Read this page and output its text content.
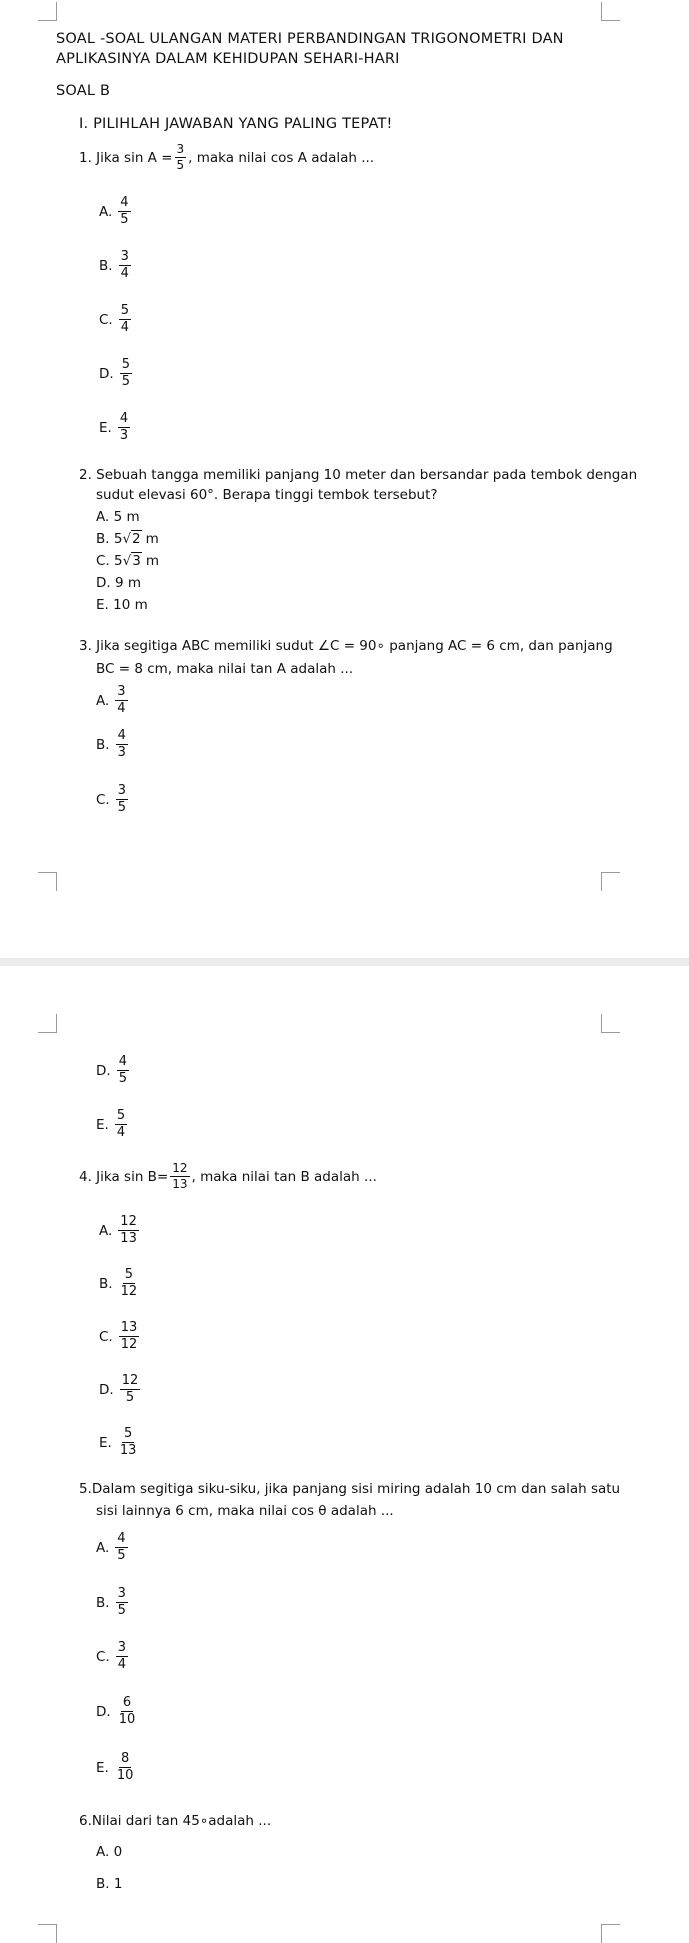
SOAL -SOAL ULANGAN MATERI PERBANDINGAN TRIGONOMETRI DAN
APLIKASINYA DALAM KEHIDUPAN SEHARI-HARI
SOAL B
I. PILIHLAH JAWABAN YANG PALING TEPAT!
1. Jika $\sin A = \frac{3}{5}$ , maka nilai cos A adalah ...
A. $\frac{4}{5}$
B. $\frac{3}{4}$
C. $\frac{5}{4}$
D. $\frac{5}{5}$
E. $\frac{4}{3}$
2. Sebuah tangga memiliki panjang 10 meter dan bersandar pada tembok dengan
sudut elevasi 60°. Berapa tinggi tembok tersebut?
A. 5 m
B. 5 √ 2 m
C. 5 √ 3 m
D. 9 m
E. 10 m
3. Jika segitiga ABC memiliki sudut ∠C = 90∘ panjang AC = 6 cm, dan panjang
BC = 8 cm, maka nilai tan A adalah ...
A. $\frac{3}{4}$
B. $\frac{4}{3}$
C. $\frac{3}{5}$
D. $\frac{4}{5}$
E. $\frac{5}{4}$
4. Jika $\sin B= \frac{12}{13}$ , maka nilai tan B adalah ...
A. $\frac{12}{13}$
B. $\frac{5}{12}$
C. $\frac{13}{12}$
D. $\frac{12}{5}$
E. $\frac{5}{13}$
5.Dalam segitiga siku-siku, jika panjang sisi miring adalah 10 cm dan salah satu
sisi lainnya 6 cm, maka nilai cos θ adalah ...
A. $\frac{4}{5}$
B. $\frac{3}{5}$
C. $\frac{3}{4}$
D. $\frac{6}{10}$
E. $\frac{8}{10}$
6.Nilai dari tan 45∘adalah ...
A. 0
B. 1
